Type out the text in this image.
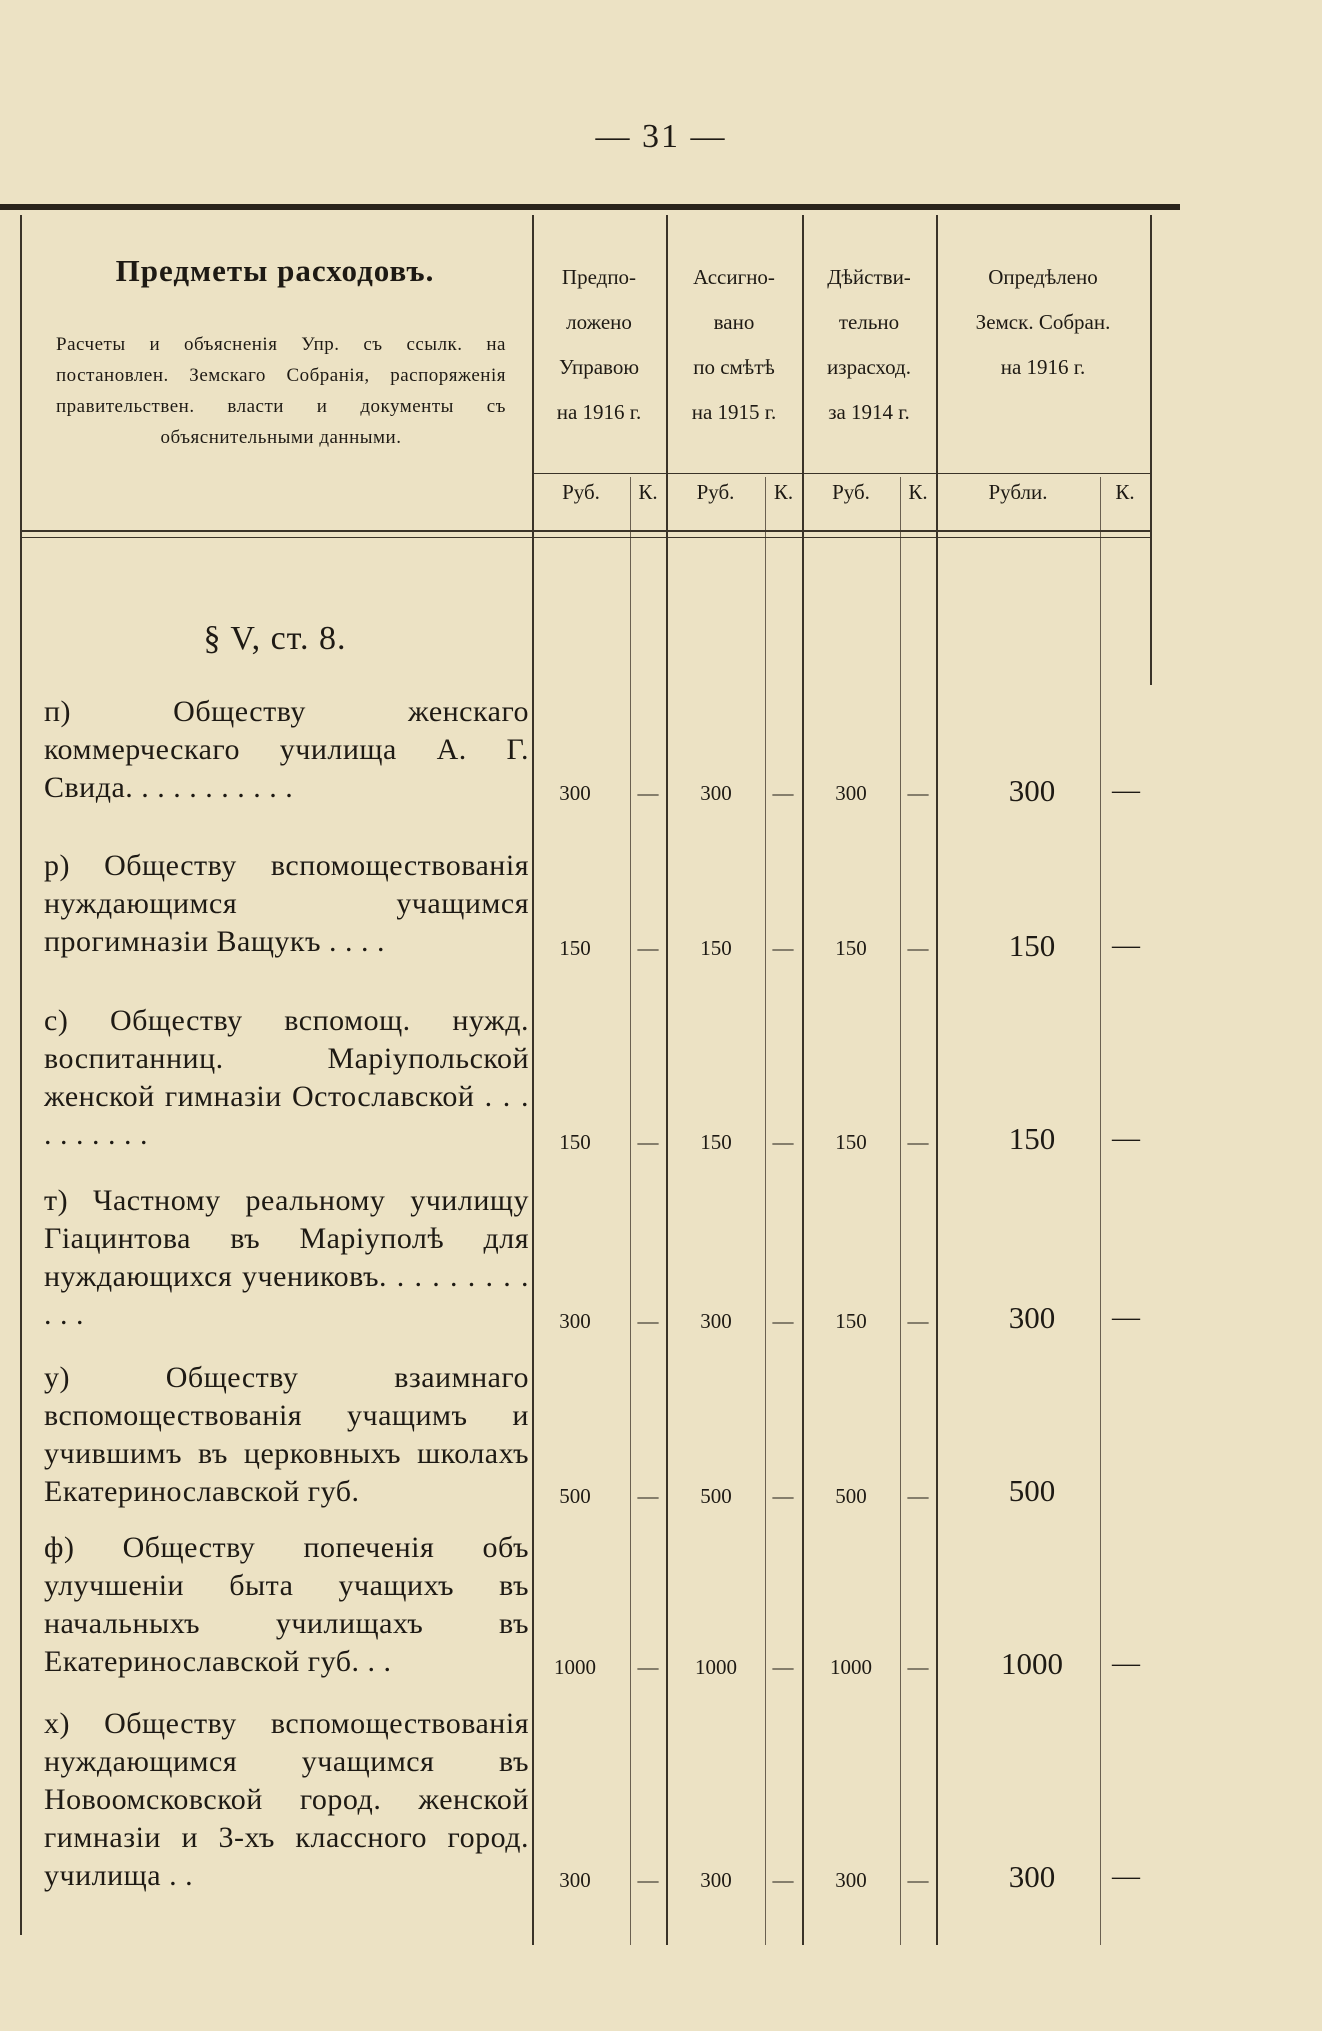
— 31 —
Предметы расходовъ.
Расчеты и объясненія Упр. съ ссылк. на постановлен. Земскаго Собранія, распоряженія правительствен. власти и документы съ объяснительными данными.
Предпо-
ложено
Управою
на 1916 г.
Ассигно-
вано
по смѣтѣ
на 1915 г.
Дѣйстви-
тельно
израсход.
за 1914 г.
Опредѣлено
Земск. Собран.
на 1916 г.
Руб.	К.	Руб.	К.	Руб.	К.	Рубли.	К.
§ V, ст. 8.
п) Обществу женскаго коммерческаго училища А. Г. Свида. . . . . . . . . . .	300	—	300	—	300	—	300	—
р) Обществу вспомоществованія нуждающимся учащимся прогимназіи Ващукъ . . . .	150	—	150	—	150	—	150	—
с) Обществу вспомощ. нужд. воспитанниц. Маріупольской женской гимназіи Остославской . . . . . . . . . .	150	—	150	—	150	—	150	—
т) Частному реальному училищу Гіацинтова въ Маріуполѣ для нуждающихся учениковъ. . . . . . . . . . . .	300	—	300	—	150	—	300	—
у) Обществу взаимнаго вспомоществованія учащимъ и учившимъ въ церковныхъ школахъ Екатеринославской губ.	500	—	500	—	500	—	500
ф) Обществу попеченія объ улучшеніи быта учащихъ въ начальныхъ училищахъ въ Екатеринославской губ. . .	1000	—	1000	—	1000	—	1000	—
х) Обществу вспомоществованія нуждающимся учащимся въ Новоомсковской город. женской гимназіи и 3-хъ классного город. училища . .	300	—	300	—	300	—	300	—
